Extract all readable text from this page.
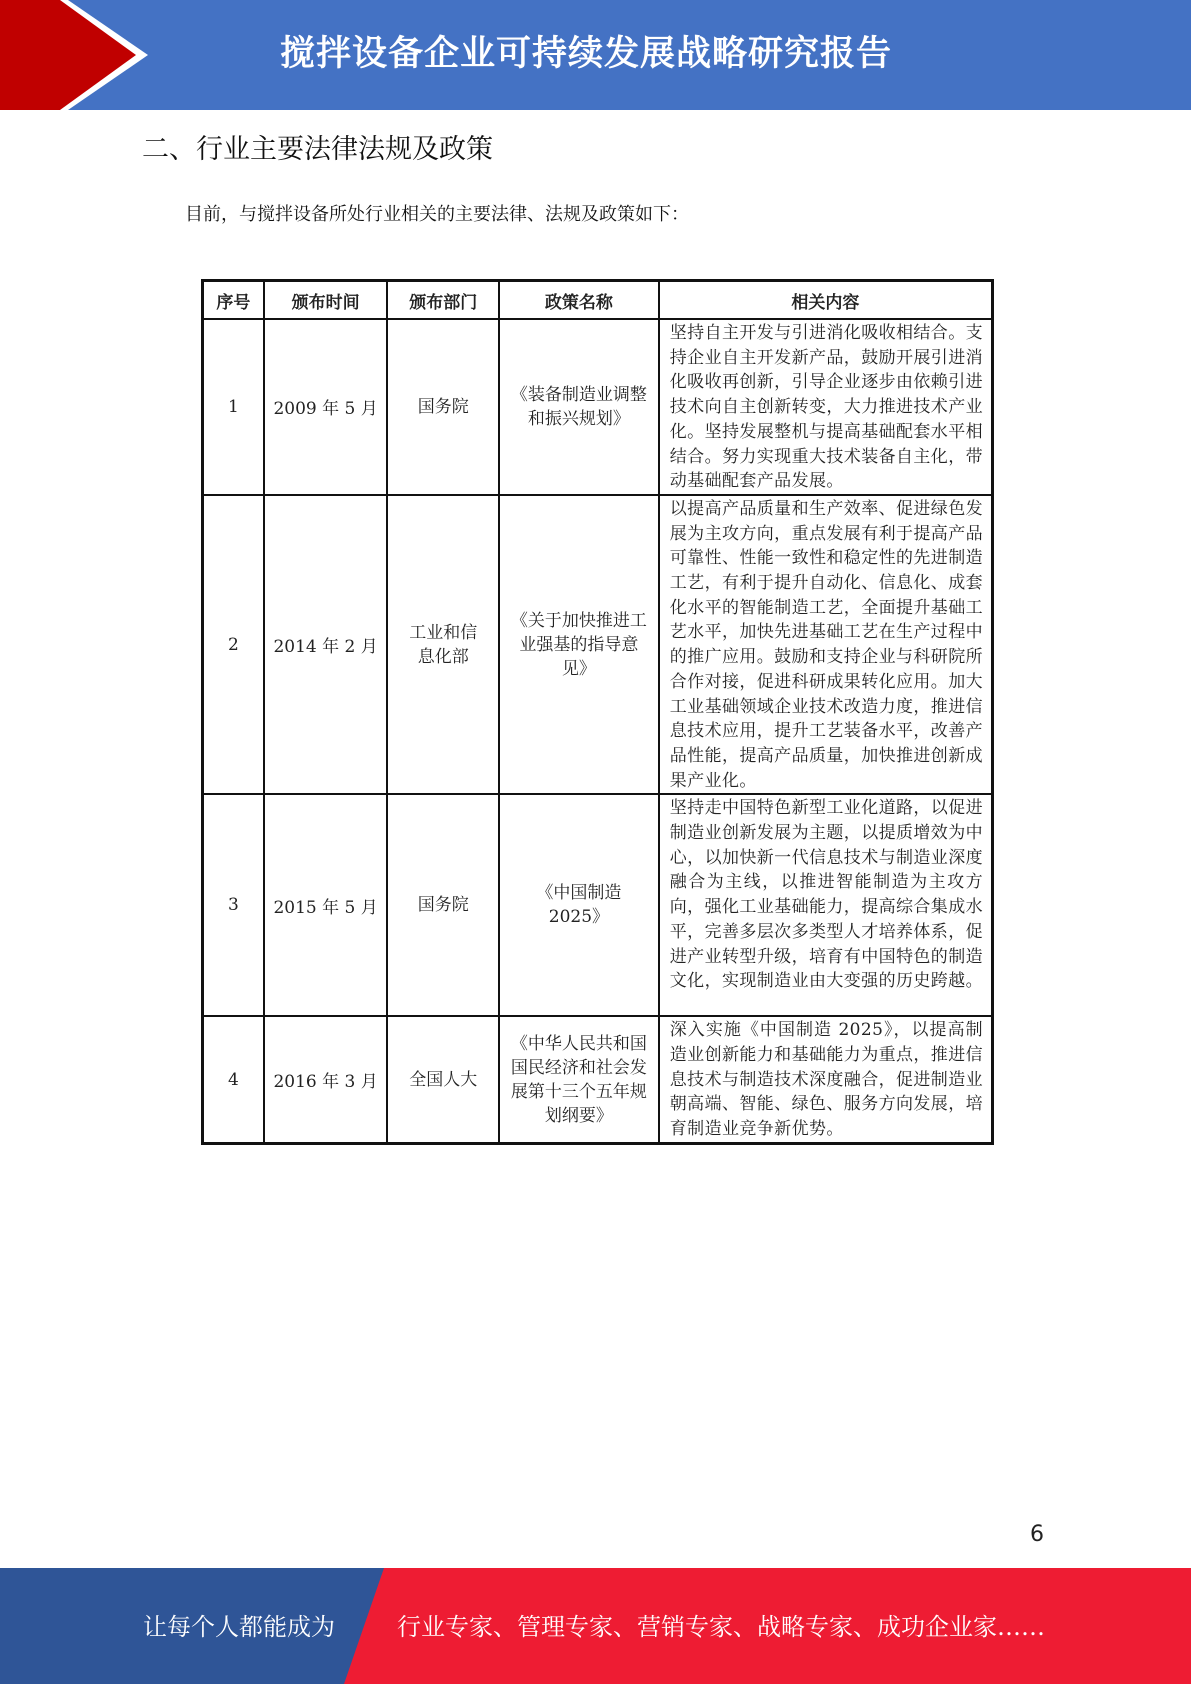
搅拌设备企业可持续发展战略研究报告
二、行业主要法律法规及政策
目前，与搅拌设备所处行业相关的主要法律、法规及政策如下：
序号	颁布时间	颁布部门	政策名称	相关内容
1	2009 年 5 月	国务院	《装备制造业调整和振兴规划》	坚持自主开发与引进消化吸收相结合。支持企业自主开发新产品，鼓励开展引进消化吸收再创新，引导企业逐步由依赖引进技术向自主创新转变，大力推进技术产业化。坚持发展整机与提高基础配套水平相结合。努力实现重大技术装备自主化，带动基础配套产品发展。
2	2014 年 2 月	工业和信息化部	《关于加快推进工业强基的指导意见》	以提高产品质量和生产效率、促进绿色发展为主攻方向，重点发展有利于提高产品可靠性、性能一致性和稳定性的先进制造工艺，有利于提升自动化、信息化、成套化水平的智能制造工艺，全面提升基础工艺水平，加快先进基础工艺在生产过程中的推广应用。鼓励和支持企业与科研院所合作对接，促进科研成果转化应用。加大工业基础领域企业技术改造力度，推进信息技术应用，提升工艺装备水平，改善产品性能，提高产品质量，加快推进创新成果产业化。
3	2015 年 5 月	国务院	《中国制造 2025》	坚持走中国特色新型工业化道路，以促进制造业创新发展为主题，以提质增效为中心，以加快新一代信息技术与制造业深度融合为主线，以推进智能制造为主攻方向，强化工业基础能力，提高综合集成水平，完善多层次多类型人才培养体系，促进产业转型升级，培育有中国特色的制造文化，实现制造业由大变强的历史跨越。
4	2016 年 3 月	全国人大	《中华人民共和国国民经济和社会发展第十三个五年规划纲要》	深入实施《中国制造 2025》，以提高制造业创新能力和基础能力为重点，推进信息技术与制造技术深度融合，促进制造业朝高端、智能、绿色、服务方向发展，培育制造业竞争新优势。
6
让每个人都能成为	行业专家、管理专家、营销专家、战略专家、成功企业家……
